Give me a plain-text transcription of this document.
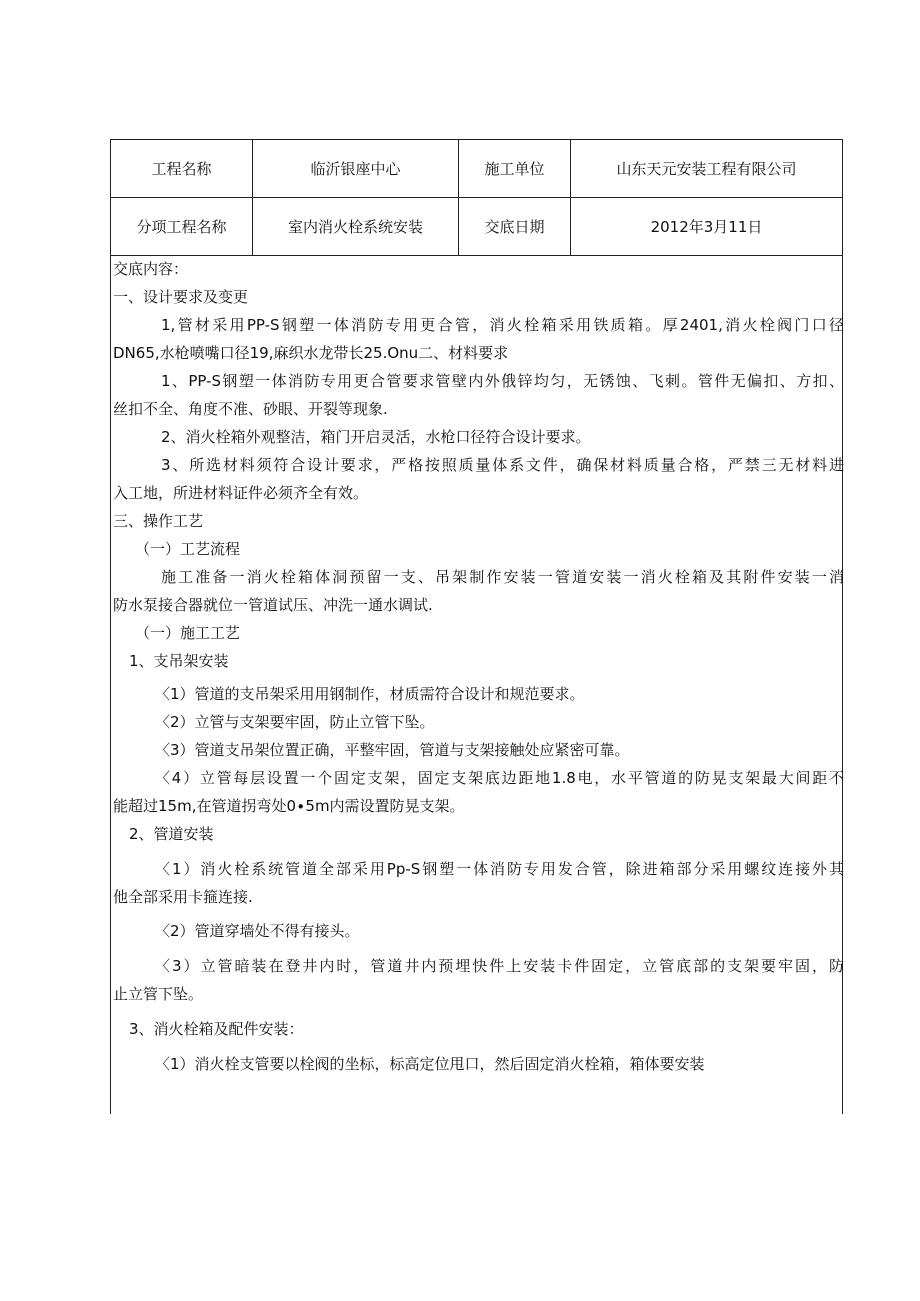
工程名称	临沂银座中心	施工单位	山东天元安装工程有限公司
分项工程名称	室内消火栓系统安装	交底日期	2012年3月11日
交底内容：
一、设计要求及变更
1,管材采用PP-S钢塑一体消防专用更合管，消火栓箱采用铁质箱。厚2401,消火栓阀门口径
DN65,水枪喷嘴口径19,麻织水龙带长25.Onu二、材料要求
1、PP-S钢塑一体消防专用更合管要求管壁内外俄锌均匀，无锈蚀、飞刺。管件无偏扣、方扣、
丝扣不全、角度不准、砂眼、开裂等现象.
2、消火栓箱外观整洁，箱门开启灵活，水枪口径符合设计要求。
3、所选材料须符合设计要求，严格按照质量体系文件，确保材料质量合格，严禁三无材料进
入工地，所进材料证件必须齐全有效。
三、操作工艺
（一）工艺流程
施工准备一消火栓箱体洞预留一支、吊架制作安装一管道安装一消火栓箱及其附件安装一消
防水泵接合器就位一管道试压、冲洗一通水调试.
（一）施工工艺
1、支吊架安装
〈1）管道的支吊架采用用钢制作，材质需符合设计和规范要求。
〈2）立管与支架要牢固，防止立管下坠。
〈3）管道支吊架位置正确，平整牢固，管道与支架接触处应紧密可靠。
〈4）立管每层设置一个固定支架，固定支架底边距地1.8电，水平管道的防晃支架最大间距不
能超过15m,在管道拐弯处0∙5m内需设置防晃支架。
2、管道安装
〈1）消火栓系统管道全部采用Pp-S钢塑一体消防专用发合管，除进箱部分采用螺纹连接外其
他全部采用卡箍连接.
〈2）管道穿墙处不得有接头。
〈3）立管暗装在登井内时，管道井内预埋快件上安装卡件固定，立管底部的支架要牢固，防
止立管下坠。
3、消火栓箱及配件安装：
〈1）消火栓支管要以栓阀的坐标，标高定位甩口，然后固定消火栓箱，箱体要安装
